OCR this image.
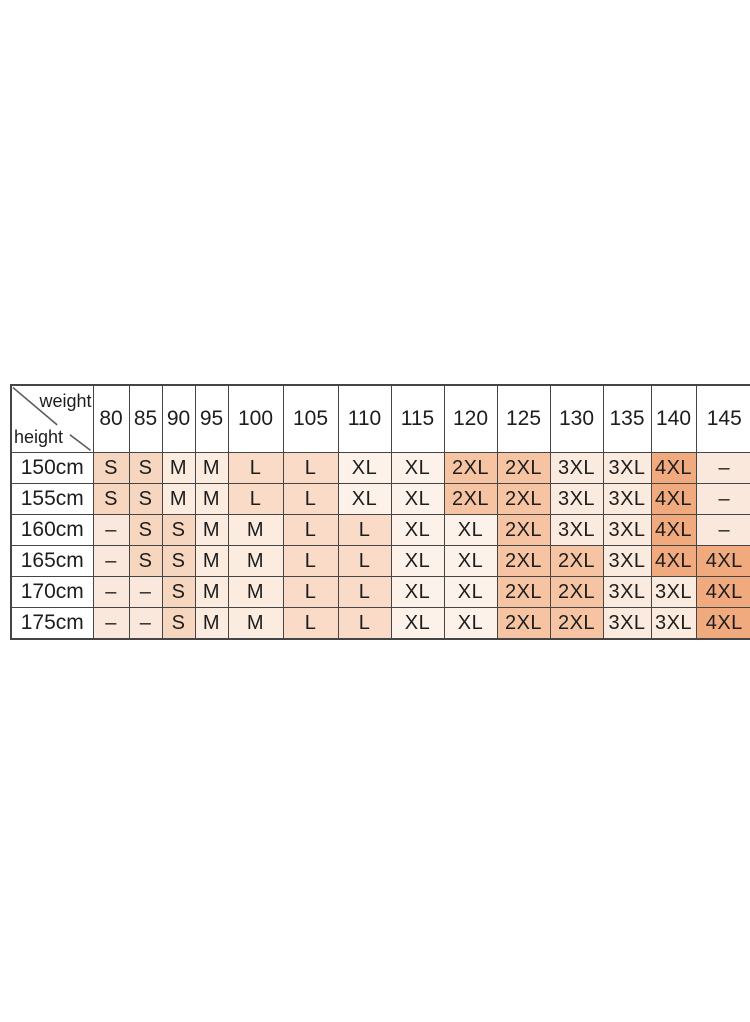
weight
height	80	85	90	95	100	105	110	115	120	125	130	135	140	145
150cm	S	S	M	M	L	L	XL	XL	2XL	2XL	3XL	3XL	4XL	–
155cm	S	S	M	M	L	L	XL	XL	2XL	2XL	3XL	3XL	4XL	–
160cm	–	S	S	M	M	L	L	XL	XL	2XL	3XL	3XL	4XL	–
165cm	–	S	S	M	M	L	L	XL	XL	2XL	2XL	3XL	4XL	4XL
170cm	–	–	S	M	M	L	L	XL	XL	2XL	2XL	3XL	3XL	4XL
175cm	–	–	S	M	M	L	L	XL	XL	2XL	2XL	3XL	3XL	4XL
